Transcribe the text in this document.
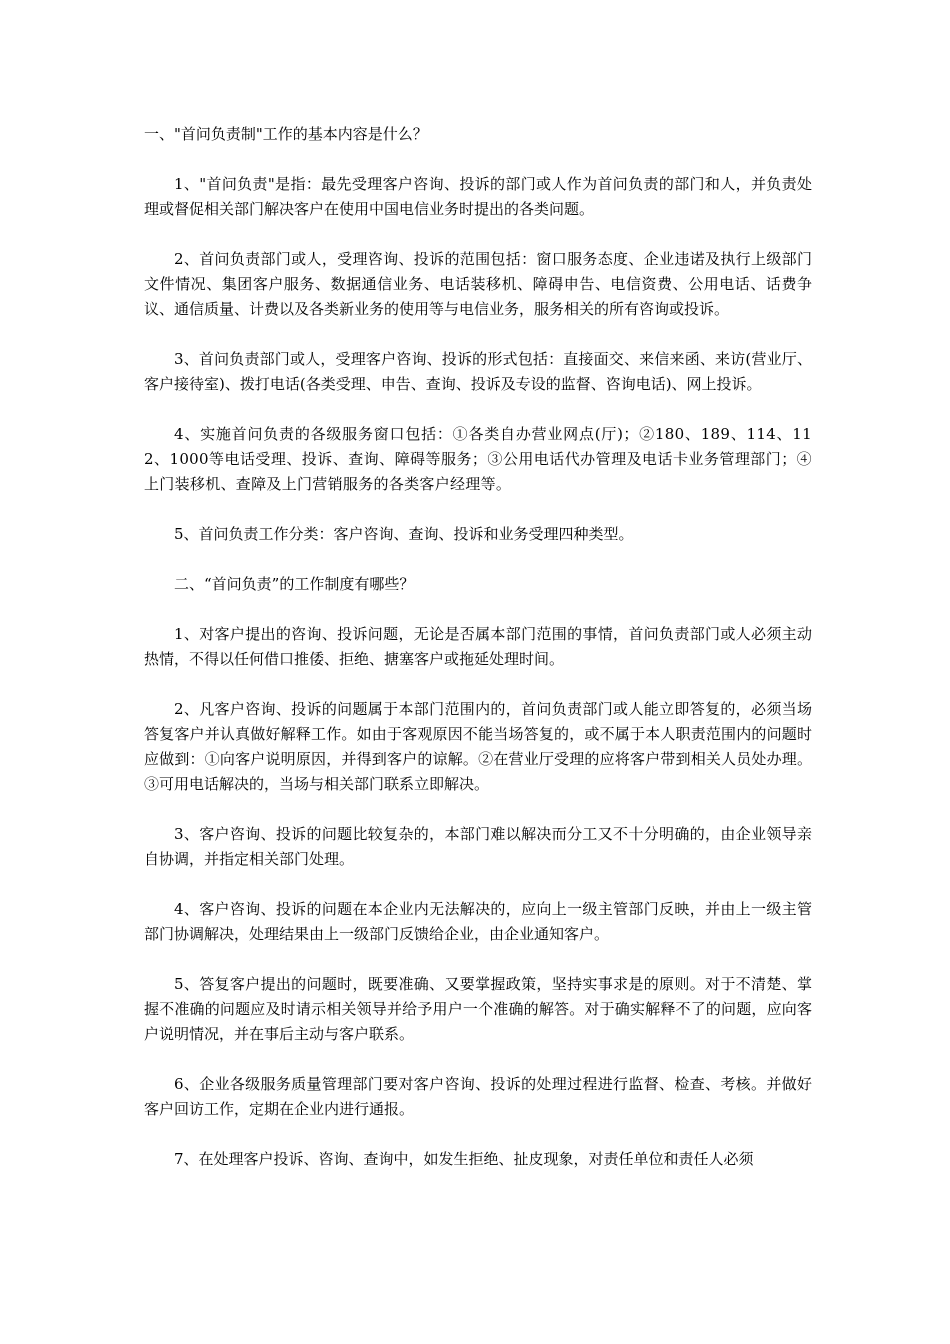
一、"首问负责制"工作的基本内容是什么？

1、"首问负责"是指：最先受理客户咨询、投诉的部门或人作为首问负责的部门和人，并负责处理或督促相关部门解决客户在使用中国电信业务时提出的各类问题。

2、首问负责部门或人，受理咨询、投诉的范围包括：窗口服务态度、企业违诺及执行上级部门文件情况、集团客户服务、数据通信业务、电话装移机、障碍申告、电信资费、公用电话、话费争议、通信质量、计费以及各类新业务的使用等与电信业务，服务相关的所有咨询或投诉。

3、首问负责部门或人，受理客户咨询、投诉的形式包括：直接面交、来信来函、来访(营业厅、客户接待室)、拨打电话(各类受理、申告、查询、投诉及专设的监督、咨询电话)、网上投诉。

4、实施首问负责的各级服务窗口包括：①各类自办营业网点(厅)；②180、189、114、112、1000等电话受理、投诉、查询、障碍等服务；③公用电话代办管理及电话卡业务管理部门；④上门装移机、查障及上门营销服务的各类客户经理等。

5、首问负责工作分类：客户咨询、查询、投诉和业务受理四种类型。

二、“首问负责”的工作制度有哪些？

1、对客户提出的咨询、投诉问题，无论是否属本部门范围的事情，首问负责部门或人必须主动热情，不得以任何借口推倭、拒绝、搪塞客户或拖延处理时间。

2、凡客户咨询、投诉的问题属于本部门范围内的，首问负责部门或人能立即答复的，必须当场答复客户并认真做好解释工作。如由于客观原因不能当场答复的，或不属于本人职责范围内的问题时应做到：①向客户说明原因，并得到客户的谅解。②在营业厅受理的应将客户带到相关人员处办理。③可用电话解决的，当场与相关部门联系立即解决。

3、客户咨询、投诉的问题比较复杂的，本部门难以解决而分工又不十分明确的，由企业领导亲自协调，并指定相关部门处理。

4、客户咨询、投诉的问题在本企业内无法解决的，应向上一级主管部门反映，并由上一级主管部门协调解决，处理结果由上一级部门反馈给企业，由企业通知客户。

5、答复客户提出的问题时，既要准确、又要掌握政策，坚持实事求是的原则。对于不清楚、掌握不准确的问题应及时请示相关领导并给予用户一个准确的解答。对于确实解释不了的问题，应向客户说明情况，并在事后主动与客户联系。

6、企业各级服务质量管理部门要对客户咨询、投诉的处理过程进行监督、检查、考核。并做好客户回访工作，定期在企业内进行通报。

7、在处理客户投诉、咨询、查询中，如发生拒绝、扯皮现象，对责任单位和责任人必须
